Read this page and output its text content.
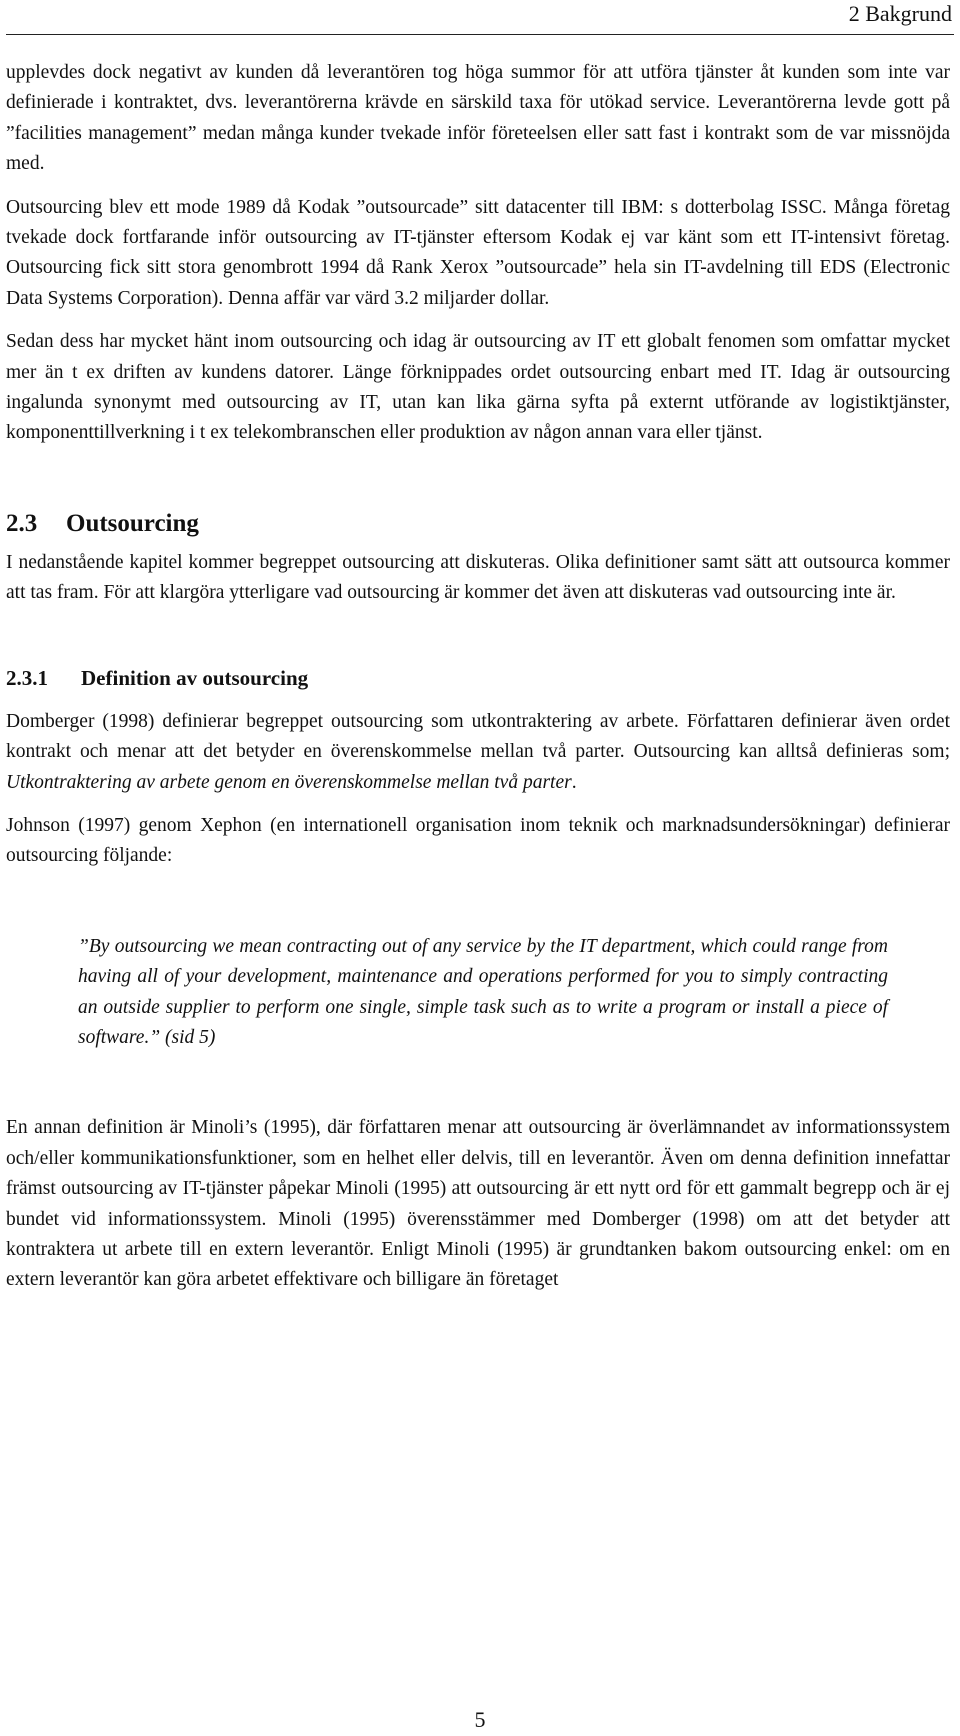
2 Bakgrund

upplevdes dock negativt av kunden då leverantören tog höga summor för att utföra tjänster åt kunden som inte var definierade i kontraktet, dvs. leverantörerna krävde en särskild taxa för utökad service. Leverantörerna levde gott på ”facilities management” medan många kunder tvekade inför företeelsen eller satt fast i kontrakt som de var missnöjda med.

Outsourcing blev ett mode 1989 då Kodak ”outsourcade” sitt datacenter till IBM: s dotterbolag ISSC. Många företag tvekade dock fortfarande inför outsourcing av IT-tjänster eftersom Kodak ej var känt som ett IT-intensivt företag. Outsourcing fick sitt stora genombrott 1994 då Rank Xerox ”outsourcade” hela sin IT-avdelning till EDS (Electronic Data Systems Corporation). Denna affär var värd 3.2 miljarder dollar.

Sedan dess har mycket hänt inom outsourcing och idag är outsourcing av IT ett globalt fenomen som omfattar mycket mer än t ex driften av kundens datorer. Länge förknippades ordet outsourcing enbart med IT. Idag är outsourcing ingalunda synonymt med outsourcing av IT, utan kan lika gärna syfta på externt utförande av logistiktjänster, komponenttillverkning i t ex telekombranschen eller produktion av någon annan vara eller tjänst.

2.3 Outsourcing

I nedanstående kapitel kommer begreppet outsourcing att diskuteras. Olika definitioner samt sätt att outsourca kommer att tas fram. För att klargöra ytterligare vad outsourcing är kommer det även att diskuteras vad outsourcing inte är.

2.3.1 Definition av outsourcing

Domberger (1998) definierar begreppet outsourcing som utkontraktering av arbete. Författaren definierar även ordet kontrakt och menar att det betyder en överenskommelse mellan två parter. Outsourcing kan alltså definieras som; Utkontraktering av arbete genom en överenskommelse mellan två parter.

Johnson (1997) genom Xephon (en internationell organisation inom teknik och marknadsundersökningar) definierar outsourcing följande:

”By outsourcing we mean contracting out of any service by the IT department, which could range from having all of your development, maintenance and operations performed for you to simply contracting an outside supplier to perform one single, simple task such as to write a program or install a piece of software.” (sid 5)

En annan definition är Minoli’s (1995), där författaren menar att outsourcing är överlämnandet av informationssystem och/eller kommunikationsfunktioner, som en helhet eller delvis, till en leverantör. Även om denna definition innefattar främst outsourcing av IT-tjänster påpekar Minoli (1995) att outsourcing är ett nytt ord för ett gammalt begrepp och är ej bundet vid informationssystem. Minoli (1995) överensstämmer med Domberger (1998) om att det betyder att kontraktera ut arbete till en extern leverantör. Enligt Minoli (1995) är grundtanken bakom outsourcing enkel: om en extern leverantör kan göra arbetet effektivare och billigare än företaget

5
